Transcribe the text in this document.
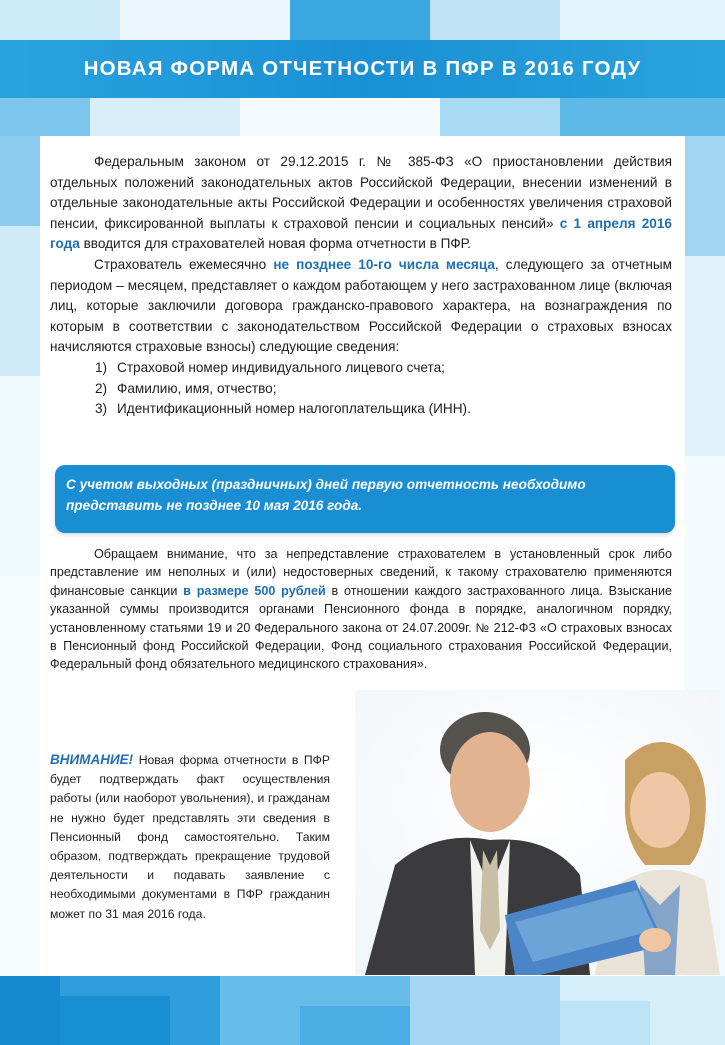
НОВАЯ ФОРМА ОТЧЕТНОСТИ В ПФР В 2016 ГОДУ
Федеральным законом от 29.12.2015 г. № 385-ФЗ «О приостановлении действия отдельных положений законодательных актов Российской Федерации, внесении изменений в отдельные законодательные акты Российской Федерации и особенностях увеличения страховой пенсии, фиксированной выплаты к страховой пенсии и социальных пенсий» с 1 апреля 2016 года вводится для страхователей новая форма отчетности в ПФР.
Страхователь ежемесячно не позднее 10-го числа месяца, следующего за отчетным периодом – месяцем, представляет о каждом работающем у него застрахованном лице (включая лиц, которые заключили договора гражданско-правового характера, на вознаграждения по которым в соответствии с законодательством Российской Федерации о страховых взносах начисляются страховые взносы) следующие сведения:
1) Страховой номер индивидуального лицевого счета;
2) Фамилию, имя, отчество;
3) Идентификационный номер налогоплательщика (ИНН).
С учетом выходных (праздничных) дней первую отчетность необходимо представить не позднее 10 мая 2016 года.
Обращаем внимание, что за непредставление страхователем в установленный срок либо представление им неполных и (или) недостоверных сведений, к такому страхователю применяются финансовые санкции в размере 500 рублей в отношении каждого застрахованного лица. Взыскание указанной суммы производится органами Пенсионного фонда в порядке, аналогичном порядку, установленному статьями 19 и 20 Федерального закона от 24.07.2009г. № 212-ФЗ «О страховых взносах в Пенсионный фонд Российской Федерации, Фонд социального страхования Российской Федерации, Федеральный фонд обязательного медицинского страхования».
ВНИМАНИЕ! Новая форма отчетности в ПФР будет подтверждать факт осуществления работы (или наоборот увольнения), и гражданам не нужно будет представлять эти сведения в Пенсионный фонд самостоятельно. Таким образом, подтверждать прекращение трудовой деятельности и подавать заявление с необходимыми документами в ПФР гражданин может по 31 мая 2016 года.
